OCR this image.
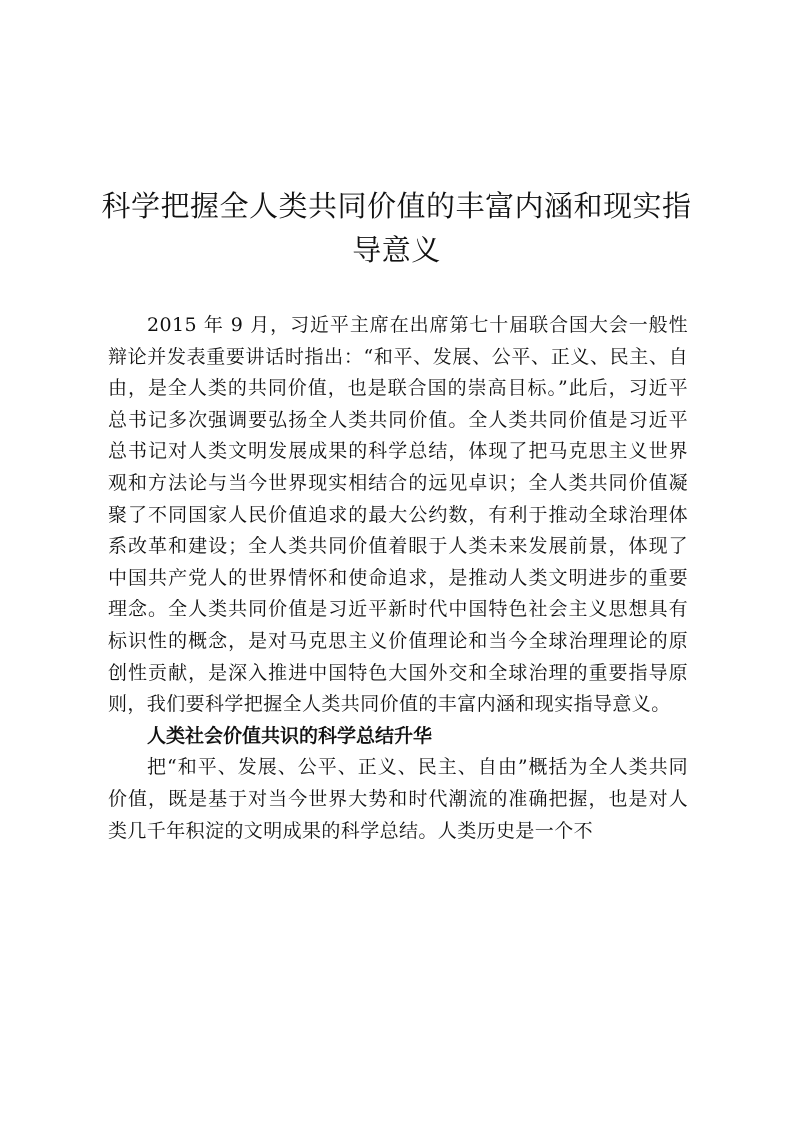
科学把握全人类共同价值的丰富内涵和现实指导意义

2015 年 9 月，习近平主席在出席第七十届联合国大会一般性辩论并发表重要讲话时指出：“和平、发展、公平、正义、民主、自由，是全人类的共同价值，也是联合国的崇高目标。”此后，习近平总书记多次强调要弘扬全人类共同价值。全人类共同价值是习近平总书记对人类文明发展成果的科学总结，体现了把马克思主义世界观和方法论与当今世界现实相结合的远见卓识；全人类共同价值凝聚了不同国家人民价值追求的最大公约数，有利于推动全球治理体系改革和建设；全人类共同价值着眼于人类未来发展前景，体现了中国共产党人的世界情怀和使命追求，是推动人类文明进步的重要理念。全人类共同价值是习近平新时代中国特色社会主义思想具有标识性的概念，是对马克思主义价值理论和当今全球治理理论的原创性贡献，是深入推进中国特色大国外交和全球治理的重要指导原则，我们要科学把握全人类共同价值的丰富内涵和现实指导意义。

人类社会价值共识的科学总结升华

把“和平、发展、公平、正义、民主、自由”概括为全人类共同价值，既是基于对当今世界大势和时代潮流的准确把握，也是对人类几千年积淀的文明成果的科学总结。人类历史是一个不
